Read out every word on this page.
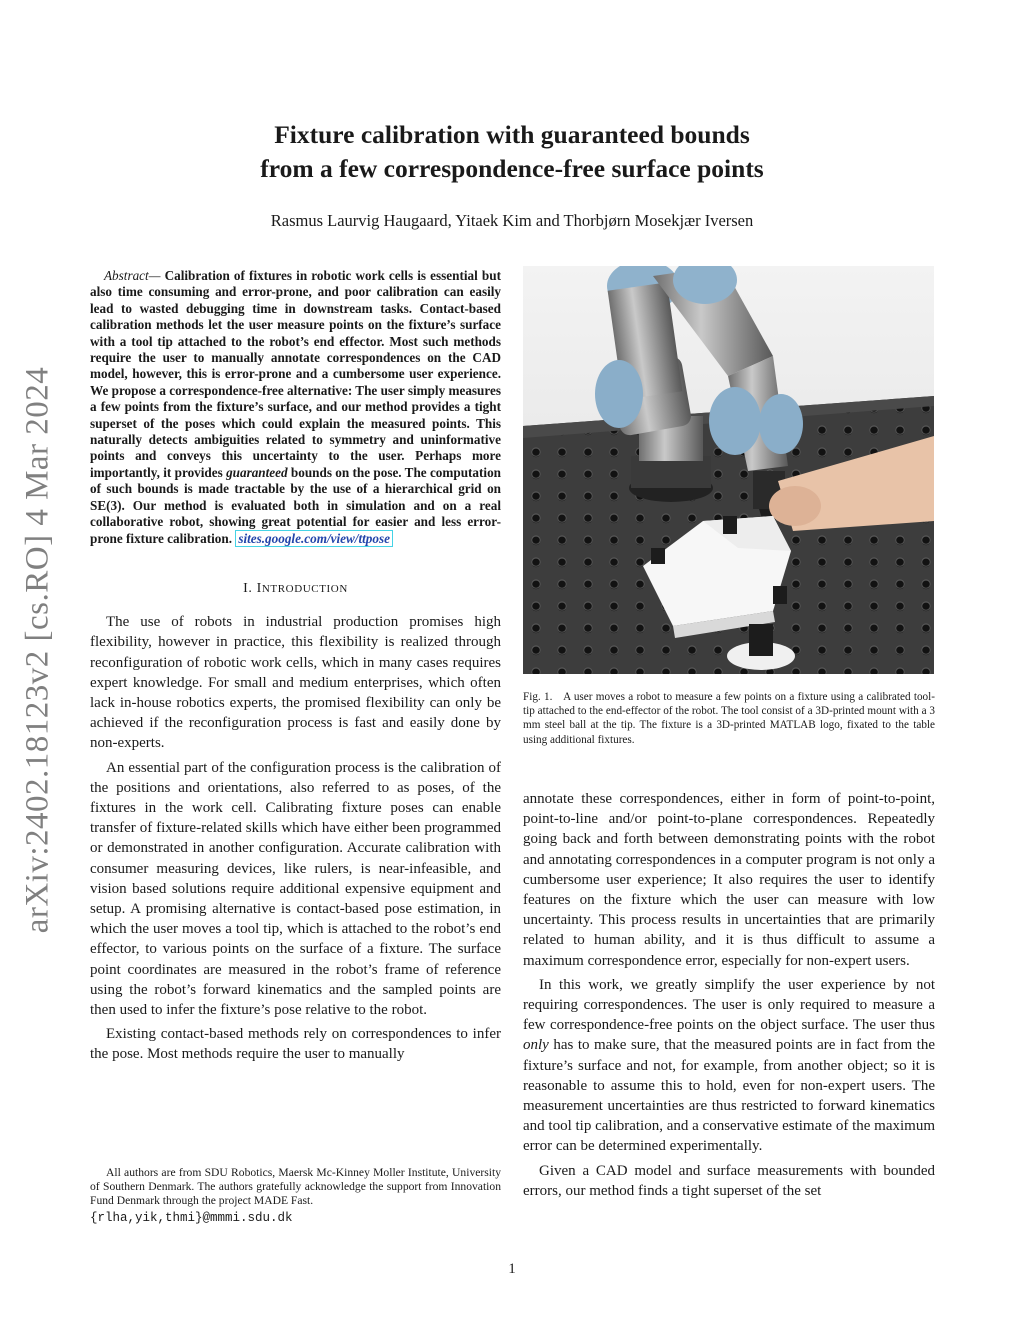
arXiv:2402.18123v2 [cs.RO] 4 Mar 2024
Fixture calibration with guaranteed bounds
from a few correspondence-free surface points
Rasmus Laurvig Haugaard, Yitaek Kim and Thorbjørn Mosekjær Iversen

Abstract— Calibration of fixtures in robotic work cells is essential but also time consuming and error-prone, and poor calibration can easily lead to wasted debugging time in downstream tasks. Contact-based calibration methods let the user measure points on the fixture’s surface with a tool tip attached to the robot’s end effector. Most such methods require the user to manually annotate correspondences on the CAD model, however, this is error-prone and a cumbersome user experience. We propose a correspondence-free alternative: The user simply measures a few points from the fixture’s surface, and our method provides a tight superset of the poses which could explain the measured points. This naturally detects ambiguities related to symmetry and uninformative points and conveys this uncertainty to the user. Perhaps more importantly, it provides guaranteed bounds on the pose. The computation of such bounds is made tractable by the use of a hierarchical grid on SE(3). Our method is evaluated both in simulation and on a real collaborative robot, showing great potential for easier and less error-prone fixture calibration. sites.google.com/view/ttpose

I. INTRODUCTION

The use of robots in industrial production promises high flexibility, however in practice, this flexibility is realized through reconfiguration of robotic work cells, which in many cases requires expert knowledge. For small and medium enterprises, which often lack in-house robotics experts, the promised flexibility can only be achieved if the reconfiguration process is fast and easily done by non-experts.

An essential part of the configuration process is the calibration of the positions and orientations, also referred to as poses, of the fixtures in the work cell. Calibrating fixture poses can enable transfer of fixture-related skills which have either been programmed or demonstrated in another configuration. Accurate calibration with consumer measuring devices, like rulers, is near-infeasible, and vision based solutions require additional expensive equipment and setup. A promising alternative is contact-based pose estimation, in which the user moves a tool tip, which is attached to the robot’s end effector, to various points on the surface of a fixture. The surface point coordinates are measured in the robot’s frame of reference using the robot’s forward kinematics and the sampled points are then used to infer the fixture’s pose relative to the robot.

Existing contact-based methods rely on correspondences to infer the pose. Most methods require the user to manually

All authors are from SDU Robotics, Maersk Mc-Kinney Moller Institute, University of Southern Denmark. The authors gratefully acknowledge the support from Innovation Fund Denmark through the project MADE Fast.

{rlha,yik,thmi}@mmmi.sdu.dk
Fig. 1. A user moves a robot to measure a few points on a fixture using a calibrated tool-tip attached to the end-effector of the robot. The tool consist of a 3D-printed mount with a 3 mm steel ball at the tip. The fixture is a 3D-printed MATLAB logo, fixated to the table using additional fixtures.

annotate these correspondences, either in form of point-to-point, point-to-line and/or point-to-plane correspondences. Repeatedly going back and forth between demonstrating points with the robot and annotating correspondences in a computer program is not only a cumbersome user experience; It also requires the user to identify features on the fixture which the user can measure with low uncertainty. This process results in uncertainties that are primarily related to human ability, and it is thus difficult to assume a maximum correspondence error, especially for non-expert users.

In this work, we greatly simplify the user experience by not requiring correspondences. The user is only required to measure a few correspondence-free points on the object surface. The user thus only has to make sure, that the measured points are in fact from the fixture’s surface and not, for example, from another object; so it is reasonable to assume this to hold, even for non-expert users. The measurement uncertainties are thus restricted to forward kinematics and tool tip calibration, and a conservative estimate of the maximum error can be determined experimentally.

Given a CAD model and surface measurements with bounded errors, our method finds a tight superset of the set

1
